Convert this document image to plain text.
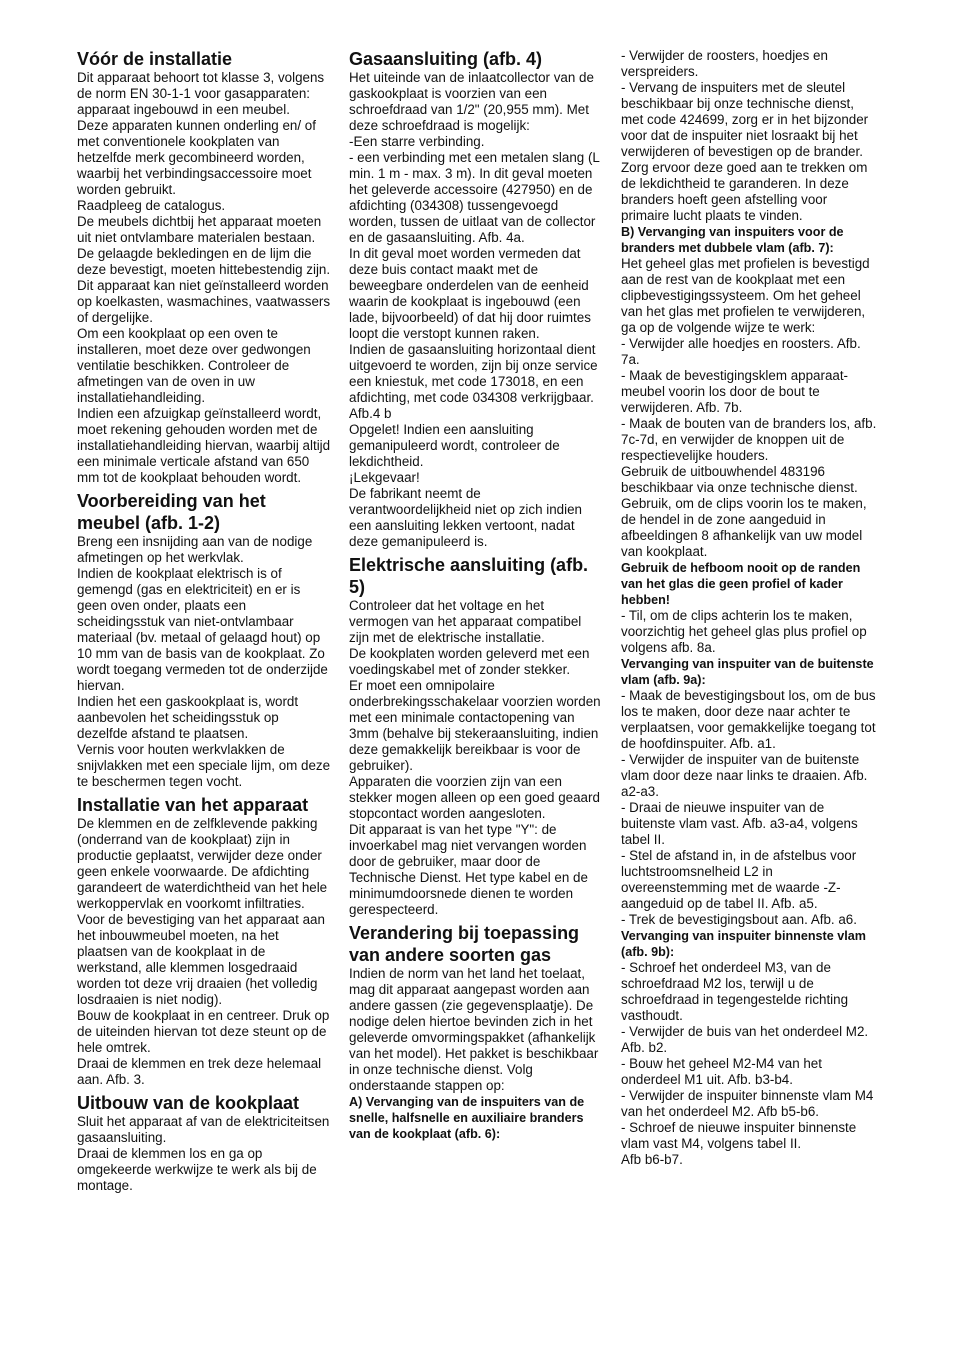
Vóór de installatie

Dit apparaat behoort tot klasse 3, volgens de norm EN 30-1-1 voor gasapparaten: apparaat ingebouwd in een meubel.

Deze apparaten kunnen onderling en/ of met conventionele kookplaten van hetzelfde merk gecombineerd worden, waarbij het verbindingsaccessoire moet worden gebruikt.

Raadpleeg de catalogus.

De meubels dichtbij het apparaat moeten uit niet ontvlambare materialen bestaan. De gelaagde bekledingen en de lijm die deze bevestigt, moeten hittebestendig zijn.

Dit apparaat kan niet geïnstalleerd worden op koelkasten, wasmachines, vaatwassers of dergelijke.

Om een kookplaat op een oven te installeren, moet deze over gedwongen ventilatie beschikken. Controleer de afmetingen van de oven in uw installatiehandleiding.

Indien een afzuigkap geïnstalleerd wordt, moet rekening gehouden worden met de installatiehandleiding hiervan, waarbij altijd een minimale verticale afstand van 650 mm tot de kookplaat behouden wordt.

Voorbereiding van het meubel (afb. 1-2)

Breng een insnijding aan van de nodige afmetingen op het werkvlak.

Indien de kookplaat elektrisch is of gemengd (gas en elektriciteit) en er is geen oven onder, plaats een scheidingsstuk van niet-ontvlambaar materiaal (bv. metaal of gelaagd hout) op 10 mm van de basis van de kookplaat. Zo wordt toegang vermeden tot de onderzijde hiervan.

Indien het een gaskookplaat is, wordt aanbevolen het scheidingsstuk op dezelfde afstand te plaatsen.

Vernis voor houten werkvlakken de snijvlakken met een speciale lijm, om deze te beschermen tegen vocht.

Installatie van het apparaat

De klemmen en de zelfklevende pakking (onderrand van de kookplaat) zijn in productie geplaatst, verwijder deze onder geen enkele voorwaarde. De afdichting garandeert de waterdichtheid van het hele werkoppervlak en voorkomt infiltraties.

Voor de bevestiging van het apparaat aan het inbouwmeubel moeten, na het plaatsen van de kookplaat in de werkstand, alle klemmen losgedraaid worden tot deze vrij draaien (het volledig losdraaien is niet nodig).

Bouw de kookplaat in en centreer. Druk op de uiteinden hiervan tot deze steunt op de hele omtrek.

Draai de klemmen en trek deze helemaal aan. Afb. 3.

Uitbouw van de kookplaat

Sluit het apparaat af van de elektriciteitsen gasaansluiting.

Draai de klemmen los en ga op omgekeerde werkwijze te werk als bij de montage.

Gasaansluiting (afb. 4)

Het uiteinde van de inlaatcollector van de gaskookplaat is voorzien van een schroefdraad van 1/2" (20,955 mm). Met deze schroefdraad is mogelijk:

-Een starre verbinding.

- een verbinding met een metalen slang (L min. 1 m - max. 3 m). In dit geval moeten het geleverde accessoire (427950) en de afdichting (034308) tussengevoegd worden, tussen de uitlaat van de collector en de gasaansluiting. Afb. 4a.

In dit geval moet worden vermeden dat deze buis contact maakt met de beweegbare onderdelen van de eenheid waarin de kookplaat is ingebouwd (een lade, bijvoorbeeld) of dat hij door ruimtes loopt die verstopt kunnen raken.

Indien de gasaansluiting horizontaal dient uitgevoerd te worden, zijn bij onze service een kniestuk, met code 173018, en een afdichting, met code 034308 verkrijgbaar. Afb.4 b

Opgelet! Indien een aansluiting gemanipuleerd wordt, controleer de lekdichtheid.

¡Lekgevaar!

De fabrikant neemt de verantwoordelijkheid niet op zich indien een aansluiting lekken vertoont, nadat deze gemanipuleerd is.

Elektrische aansluiting (afb. 5)

Controleer dat het voltage en het vermogen van het apparaat compatibel zijn met de elektrische installatie.

De kookplaten worden geleverd met een voedingskabel met of zonder stekker.

Er moet een omnipolaire onderbrekingsschakelaar voorzien worden met een minimale contactopening van 3mm (behalve bij stekeraansluiting, indien deze gemakkelijk bereikbaar is voor de gebruiker).

Apparaten die voorzien zijn van een stekker mogen alleen op een goed geaard stopcontact worden aangesloten.

Dit apparaat is van het type "Y": de invoerkabel mag niet vervangen worden door de gebruiker, maar door de Technische Dienst. Het type kabel en de minimumdoorsnede dienen te worden gerespecteerd.

Verandering bij toepassing van andere soorten gas

Indien de norm van het land het toelaat, mag dit apparaat aangepast worden aan andere gassen (zie gegevensplaatje). De nodige delen hiertoe bevinden zich in het geleverde omvormingspakket (afhankelijk van het model). Het pakket is beschikbaar in onze technische dienst. Volg onderstaande stappen op:

A) Vervanging van de inspuiters van de snelle, halfsnelle en auxiliaire branders van de kookplaat (afb. 6):

- Verwijder de roosters, hoedjes en verspreiders.

- Vervang de inspuiters met de sleutel beschikbaar bij onze technische dienst, met code 424699, zorg er in het bijzonder voor dat de inspuiter niet losraakt bij het verwijderen of bevestigen op de brander.

Zorg ervoor deze goed aan te trekken om de lekdichtheid te garanderen. In deze branders hoeft geen afstelling voor primaire lucht plaats te vinden.

B) Vervanging van inspuiters voor de branders met dubbele vlam (afb. 7):

Het geheel glas met profielen is bevestigd aan de rest van de kookplaat met een clipbevestigingssysteem. Om het geheel van het glas met profielen te verwijderen, ga op de volgende wijze te werk:

- Verwijder alle hoedjes en roosters. Afb. 7a.

- Maak de bevestigingsklem apparaat-meubel voorin los door de bout te verwijderen. Afb. 7b.

- Maak de bouten van de branders los, afb. 7c-7d, en verwijder de knoppen uit de respectievelijke houders.

Gebruik de uitbouwhendel 483196 beschikbaar via onze technische dienst. Gebruik, om de clips voorin los te maken, de hendel in de zone aangeduid in afbeeldingen 8 afhankelijk van uw model van kookplaat.

Gebruik de hefboom nooit op de randen van het glas die geen profiel of kader hebben!

- Til, om de clips achterin los te maken, voorzichtig het geheel glas plus profiel op volgens afb. 8a.

Vervanging van inspuiter van de buitenste vlam (afb. 9a):

- Maak de bevestigingsbout los, om de bus los te maken, door deze naar achter te verplaatsen, voor gemakkelijke toegang tot de hoofdinspuiter. Afb. a1.

- Verwijder de inspuiter van de buitenste vlam door deze naar links te draaien. Afb. a2-a3.

- Draai de nieuwe inspuiter van de buitenste vlam vast. Afb. a3-a4, volgens tabel II.

- Stel de afstand in, in de afstelbus voor luchtstroomsnelheid L2 in overeenstemming met de waarde -Z- aangeduid op de tabel II. Afb. a5.

- Trek de bevestigingsbout aan. Afb. a6.

Vervanging van inspuiter binnenste vlam (afb. 9b):

- Schroef het onderdeel M3, van de schroefdraad M2 los, terwijl u de schroefdraad in tegengestelde richting vasthoudt.

- Verwijder de buis van het onderdeel M2. Afb. b2.

- Bouw het geheel M2-M4 van het onderdeel M1 uit. Afb. b3-b4.

- Verwijder de inspuiter binnenste vlam M4 van het onderdeel M2. Afb b5-b6.

- Schroef de nieuwe inspuiter binnenste vlam vast M4, volgens tabel II.

Afb b6-b7.
